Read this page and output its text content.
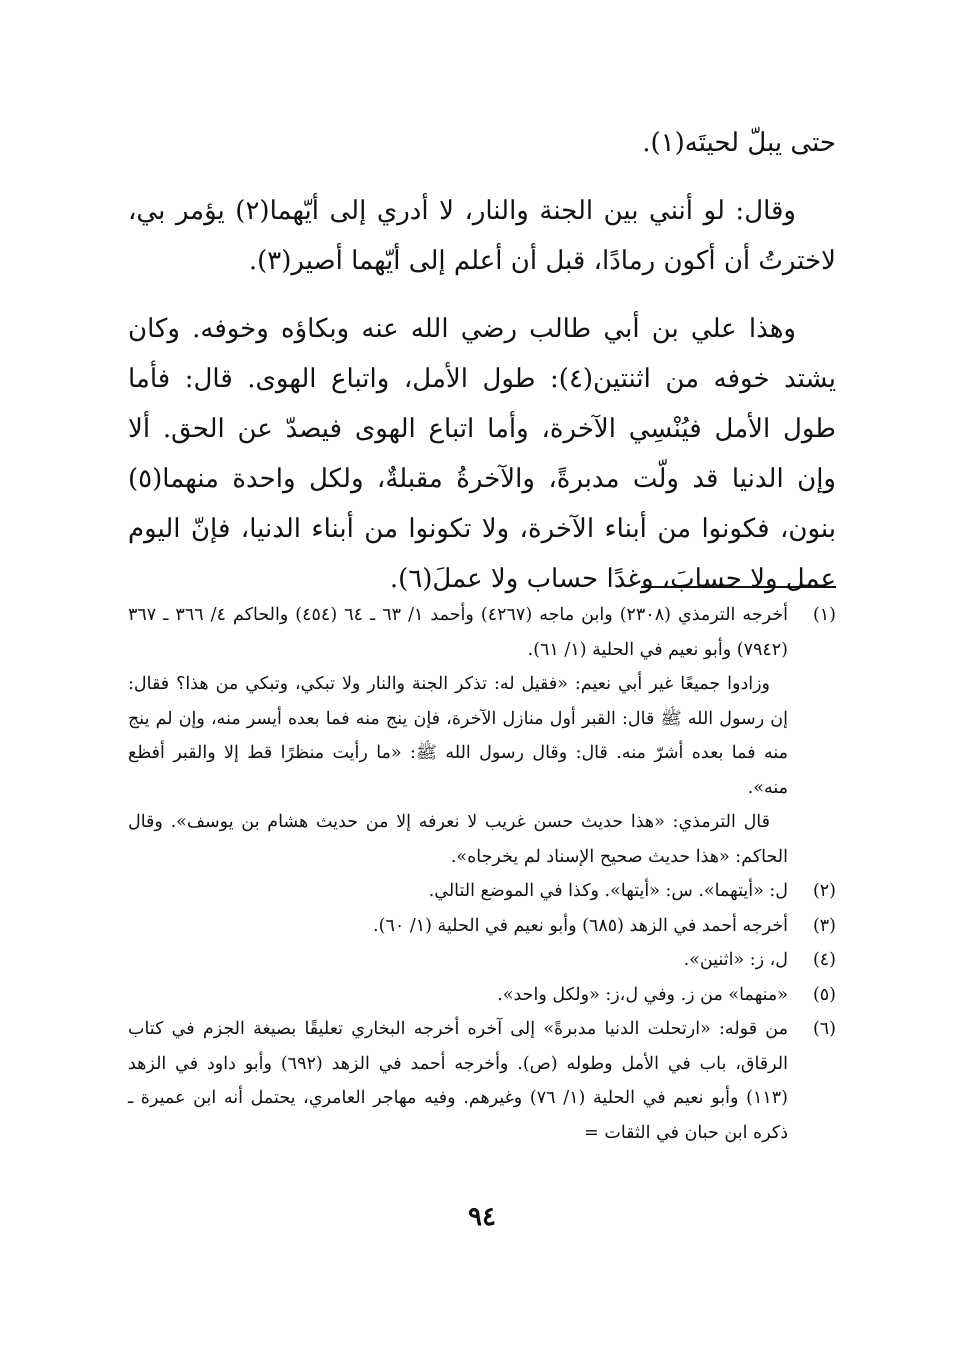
حتى يبلّ لحيتَه(١).

وقال: لو أنني بين الجنة والنار، لا أدري إلى أيّهما(٢) يؤمر بي، لاخترتُ أن أكون رمادًا، قبل أن أعلم إلى أيّهما أصير(٣).

وهذا علي بن أبي طالب رضي الله عنه وبكاؤه وخوفه. وكان يشتد خوفه من اثنتين(٤): طول الأمل، واتباع الهوى. قال: فأما طول الأمل فيُنْسِي الآخرة، وأما اتباع الهوى فيصدّ عن الحق. ألا وإن الدنيا قد ولّت مدبرةً، والآخرةُ مقبلةٌ، ولكل واحدة منهما(٥) بنون، فكونوا من أبناء الآخرة، ولا تكونوا من أبناء الدنيا، فإنّ اليوم عمل ولا حسابَ، وغدًا حساب ولا عملَ(٦).

(١)

أخرجه الترمذي (٢٣٠٨) وابن ماجه (٤٢٦٧) وأحمد ١/ ٦٣ ـ ٦٤ (٤٥٤) والحاكم ٤/ ٣٦٦ ـ ٣٦٧ (٧٩٤٢) وأبو نعيم في الحلية (١/ ٦١).

وزادوا جميعًا غير أبي نعيم: «فقيل له: تذكر الجنة والنار ولا تبكي، وتبكي من هذا؟ فقال: إن رسول الله ﷺ قال: القبر أول منازل الآخرة، فإن ينج منه فما بعده أيسر منه، وإن لم ينج منه فما بعده أشرّ منه. قال: وقال رسول الله ﷺ: «ما رأيت منظرًا قط إلا والقبر أفظع منه».

قال الترمذي: «هذا حديث حسن غريب لا نعرفه إلا من حديث هشام بن يوسف». وقال الحاكم: «هذا حديث صحيح الإسناد لم يخرجاه».

(٢)

ل: «أيتهما». س: «أيتها». وكذا في الموضع التالي.

(٣)

أخرجه أحمد في الزهد (٦٨٥) وأبو نعيم في الحلية (١/ ٦٠).

(٤)

ل، ز: «اثنين».

(٥)

«منهما» من ز. وفي ل،ز: «ولكل واحد».

(٦)

من قوله: «ارتحلت الدنيا مدبرةً» إلى آخره أخرجه البخاري تعليقًا بصيغة الجزم في كتاب الرقاق، باب في الأمل وطوله (ص). وأخرجه أحمد في الزهد (٦٩٢) وأبو داود في الزهد (١١٣) وأبو نعيم في الحلية (١/ ٧٦) وغيرهم. وفيه مهاجر العامري، يحتمل أنه ابن عميرة ـ ذكره ابن حبان في الثقات =

٩٤
